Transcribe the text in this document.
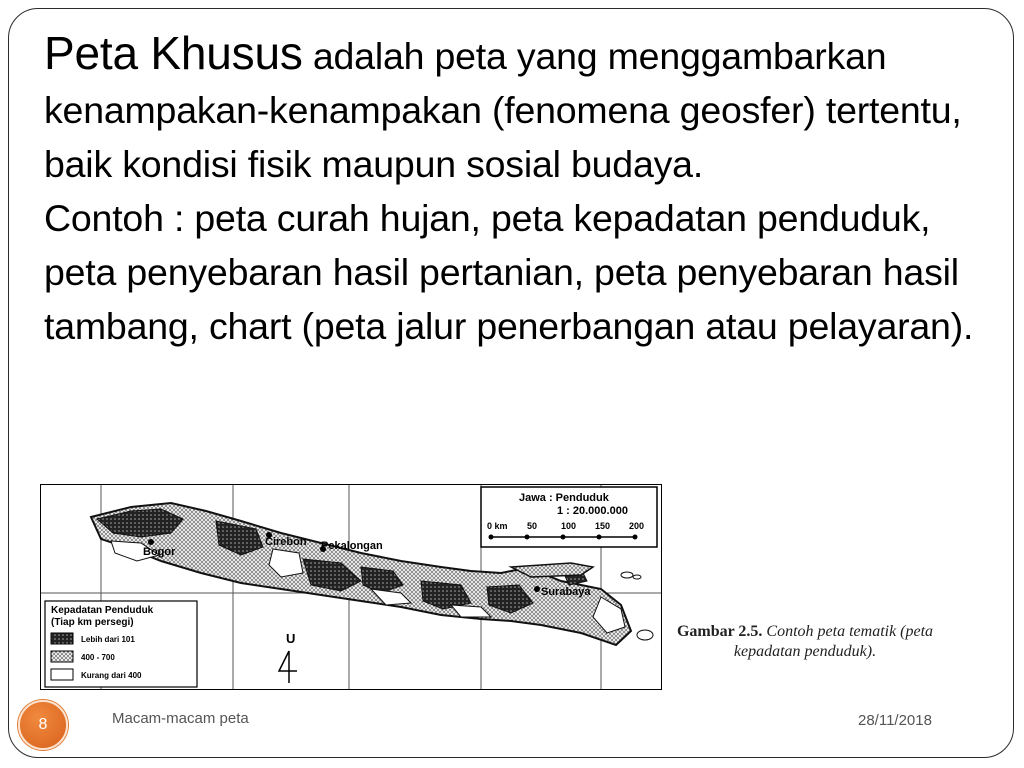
Peta Khusus adalah peta yang menggambarkan kenampakan-kenampakan (fenomena geosfer) tertentu, baik kondisi fisik maupun sosial budaya.

Contoh : peta curah hujan, peta kepadatan penduduk, peta penyebaran hasil pertanian, peta penyebaran hasil tambang, chart (peta jalur penerbangan atau pelayaran).

Bogor
Cirebon Pekalongan
Surabaya
Jawa : Penduduk
1 : 20.000.000
0 km 50	100 150 200
Kepadatan Penduduk
(Tiap km persegi)
Lebih dari 101
400 - 700
Kurang dari 400
U	Gambar 2.5. Contoh peta tematik (peta kepadatan penduduk).
8	Macam-macam peta	28/11/2018
